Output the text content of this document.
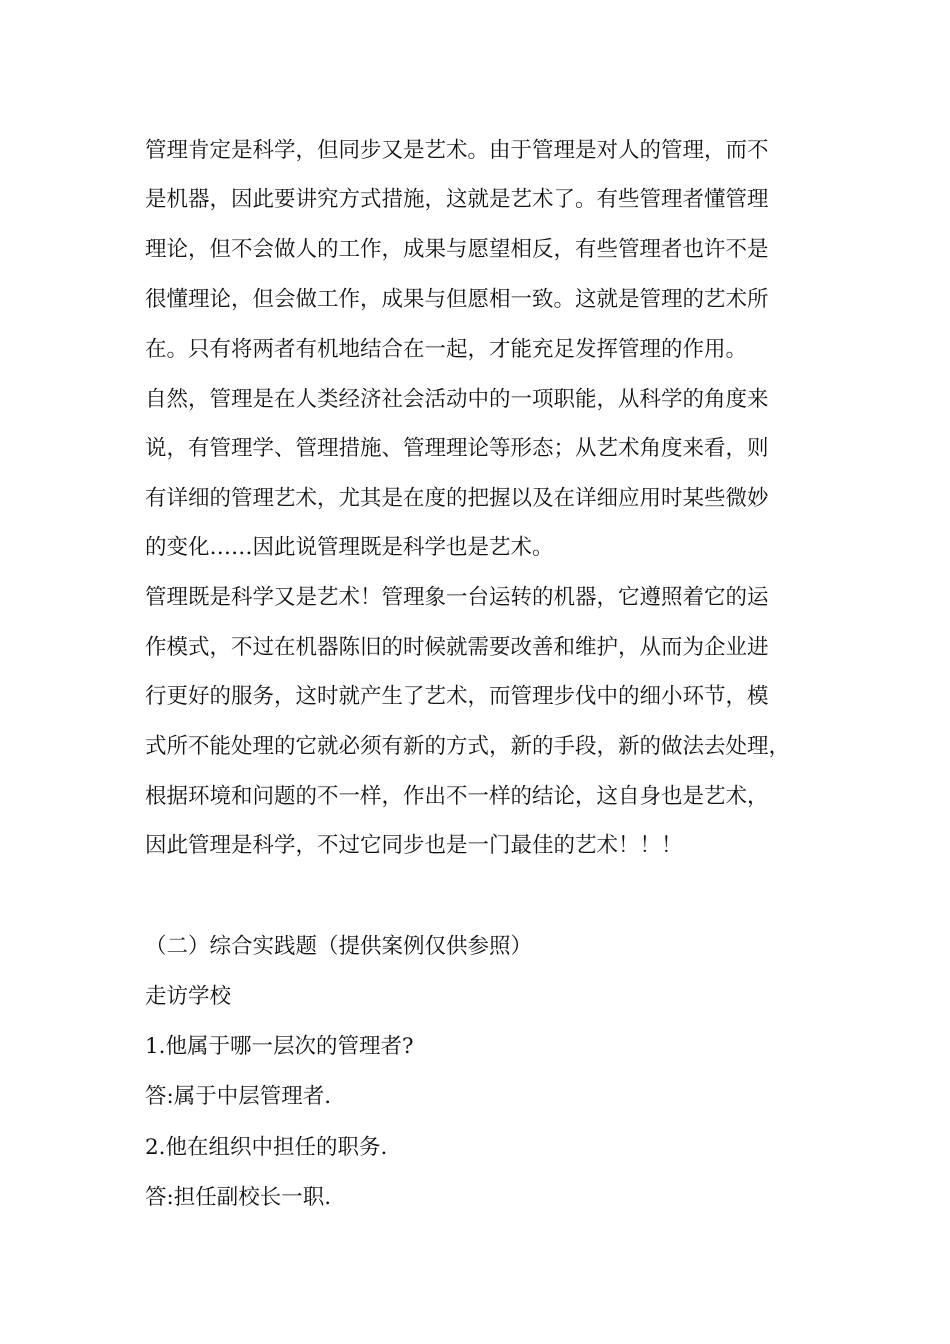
管理肯定是科学，但同步又是艺术。由于管理是对人的管理，而不
是机器，因此要讲究方式措施，这就是艺术了。有些管理者懂管理
理论，但不会做人的工作，成果与愿望相反，有些管理者也许不是
很懂理论，但会做工作，成果与但愿相一致。这就是管理的艺术所
在。只有将两者有机地结合在一起，才能充足发挥管理的作用。
自然，管理是在人类经济社会活动中的一项职能，从科学的角度来
说，有管理学、管理措施、管理理论等形态；从艺术角度来看，则
有详细的管理艺术，尤其是在度的把握以及在详细应用时某些微妙
的变化……因此说管理既是科学也是艺术。
管理既是科学又是艺术！管理象一台运转的机器，它遵照着它的运
作模式，不过在机器陈旧的时候就需要改善和维护，从而为企业进
行更好的服务，这时就产生了艺术，而管理步伐中的细小环节，模
式所不能处理的它就必须有新的方式，新的手段，新的做法去处理，
根据环境和问题的不一样，作出不一样的结论，这自身也是艺术，
因此管理是科学，不过它同步也是一门最佳的艺术！！！
（二）综合实践题（提供案例仅供参照）
走访学校
1.他属于哪一层次的管理者?
答:属于中层管理者.
2.他在组织中担任的职务.
答:担任副校长一职.
